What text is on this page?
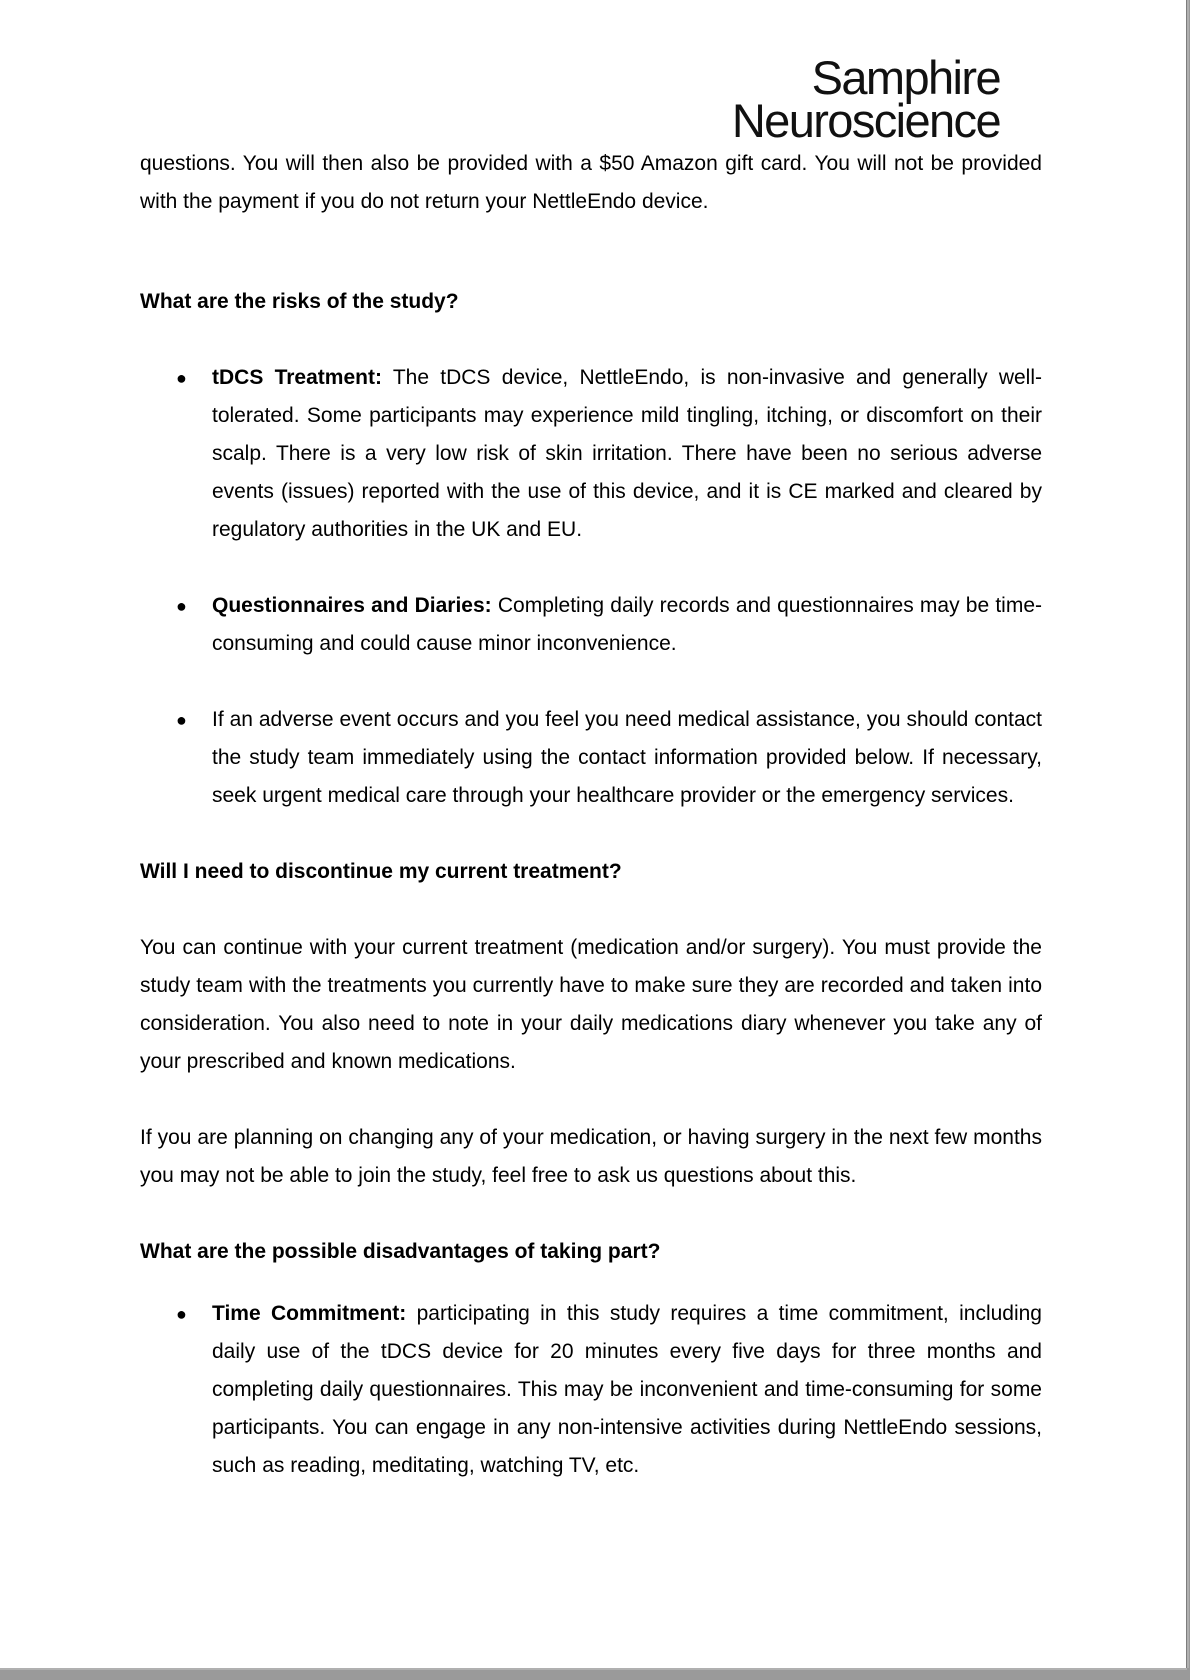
Samphire
Neuroscience

questions. You will then also be provided with a $50 Amazon gift card. You will not be provided with the payment if you do not return your NettleEndo device.

What are the risks of the study?
● tDCS Treatment: The tDCS device, NettleEndo, is non-invasive and generally well-tolerated. Some participants may experience mild tingling, itching, or discomfort on their scalp. There is a very low risk of skin irritation. There have been no serious adverse events (issues) reported with the use of this device, and it is CE marked and cleared by regulatory authorities in the UK and EU.
● Questionnaires and Diaries: Completing daily records and questionnaires may be time-consuming and could cause minor inconvenience.
● If an adverse event occurs and you feel you need medical assistance, you should contact the study team immediately using the contact information provided below. If necessary, seek urgent medical care through your healthcare provider or the emergency services.
Will I need to discontinue my current treatment?

You can continue with your current treatment (medication and/or surgery). You must provide the study team with the treatments you currently have to make sure they are recorded and taken into consideration. You also need to note in your daily medications diary whenever you take any of your prescribed and known medications.

If you are planning on changing any of your medication, or having surgery in the next few months you may not be able to join the study, feel free to ask us questions about this.

What are the possible disadvantages of taking part?
● Time Commitment: participating in this study requires a time commitment, including daily use of the tDCS device for 20 minutes every five days for three months and completing daily questionnaires. This may be inconvenient and time-consuming for some participants. You can engage in any non-intensive activities during NettleEndo sessions, such as reading, meditating, watching TV, etc.
